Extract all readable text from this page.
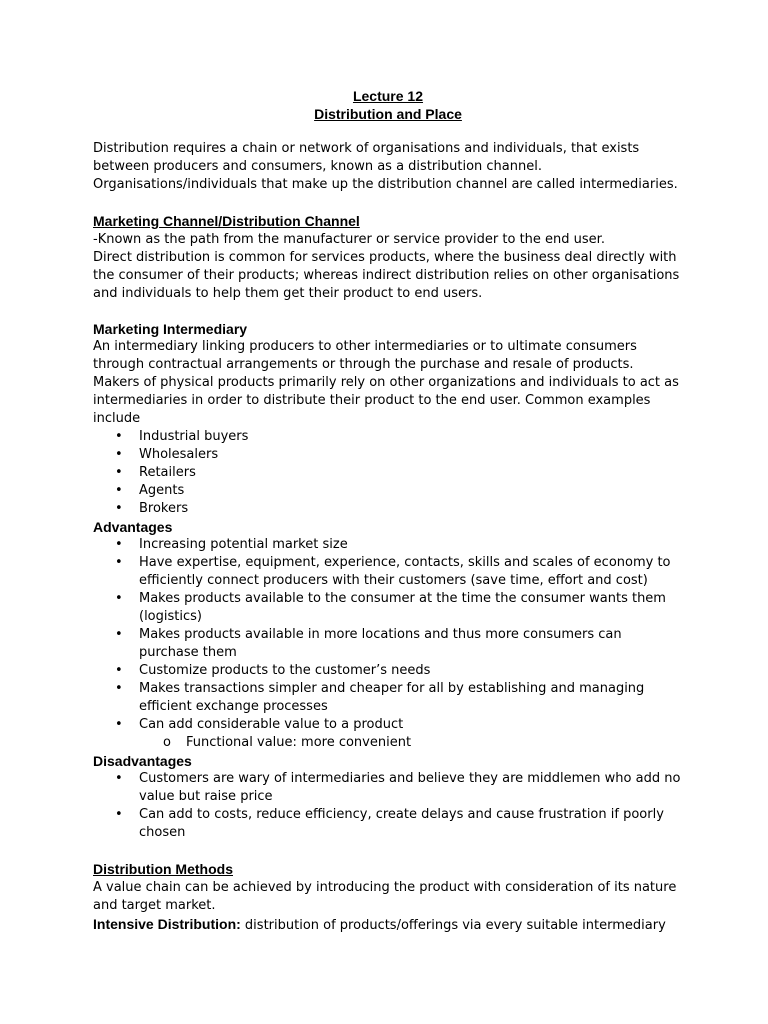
Lecture 12
Distribution and Place

Distribution requires a chain or network of organisations and individuals, that exists between producers and consumers, known as a distribution channel. Organisations/individuals that make up the distribution channel are called intermediaries.

Marketing Channel/Distribution Channel

-Known as the path from the manufacturer or service provider to the end user.

Direct distribution is common for services products, where the business deal directly with the consumer of their products; whereas indirect distribution relies on other organisations and individuals to help them get their product to end users.

Marketing Intermediary

An intermediary linking producers to other intermediaries or to ultimate consumers through contractual arrangements or through the purchase and resale of products. Makers of physical products primarily rely on other organizations and individuals to act as intermediaries in order to distribute their product to the end user. Common examples include

• Industrial buyers
• Wholesalers
• Retailers
• Agents
• Brokers
Advantages
• Increasing potential market size
• Have expertise, equipment, experience, contacts, skills and scales of economy to efficiently connect producers with their customers (save time, effort and cost)
• Makes products available to the consumer at the time the consumer wants them (logistics)
• Makes products available in more locations and thus more consumers can purchase them
• Customize products to the customer’s needs
• Makes transactions simpler and cheaper for all by establishing and managing efficient exchange processes
• Can add considerable value to a product
o Functional value: more convenient
Disadvantages
• Customers are wary of intermediaries and believe they are middlemen who add no value but raise price
• Can add to costs, reduce efficiency, create delays and cause frustration if poorly chosen
Distribution Methods

A value chain can be achieved by introducing the product with consideration of its nature and target market.

Intensive Distribution: distribution of products/offerings via every suitable intermediary
